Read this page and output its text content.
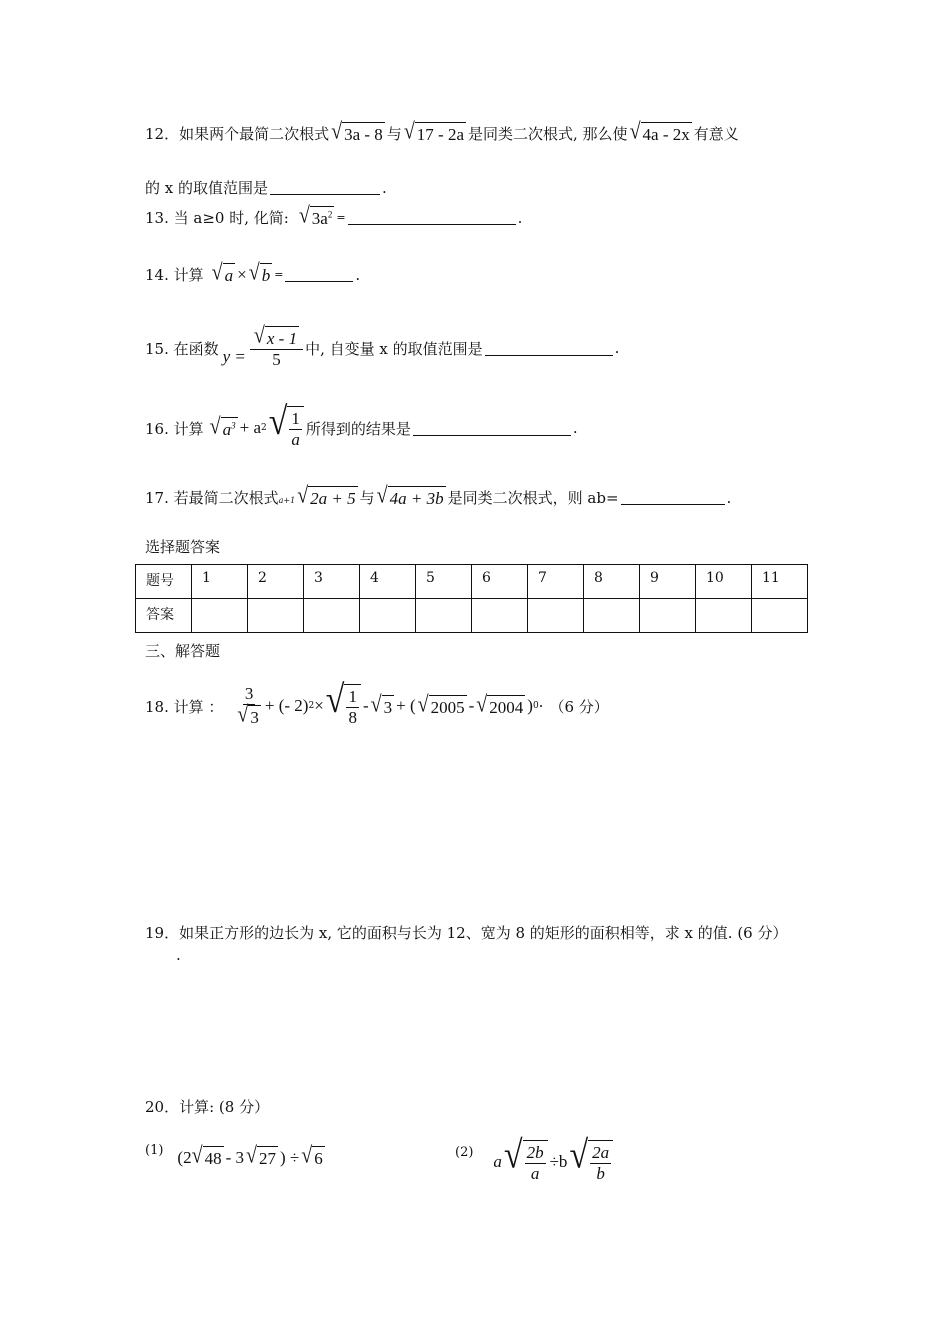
12．如果两个最简二次根式 √ 3a - 8 与 √ 17 - 2a 是同类二次根式, 那么使 √ 4a - 2x 有意义
的 x 的取值范围是	.
13. 当 a≥0 时, 化简: √ $3a^2$ =	.
14. 计算 √ a × √ b =	.
15. 在函数 $y = \frac{√ x - 1}{5}$ 中, 自变量 x 的取值范围是	.
16. 计算 √ $a^3 + a$ 2 √ $\frac{1}{a}$ 所得到的结果是	.
17. 若最简二次根式 a+1 √ 2a + 5 与 √ 4a + 3b 是同类二次根式，则 ab=	.
选择题答案
题号	1	2	3	4	5	6	7	8	9	10	11
答案											
三、解答题
18. 计算 ： $\frac{3}{√ 3}$ + (- 2) 2 × √ $\frac{1}{8}$ - √ 3 + ( √ 2005 - √ 2004 ) 0 · （6 分）
19．如果正方形的边长为 x, 它的面积与长为 12、宽为 8 的矩形的面积相等，求 x 的值. (6 分）
.
20．计算: (8 分）
(1) (2 √ 48 - 3 √ 27 ) ÷ √ 6	(2) a √ $\frac{2b}{a} \div b$ √ $\frac{2a}{b}$
